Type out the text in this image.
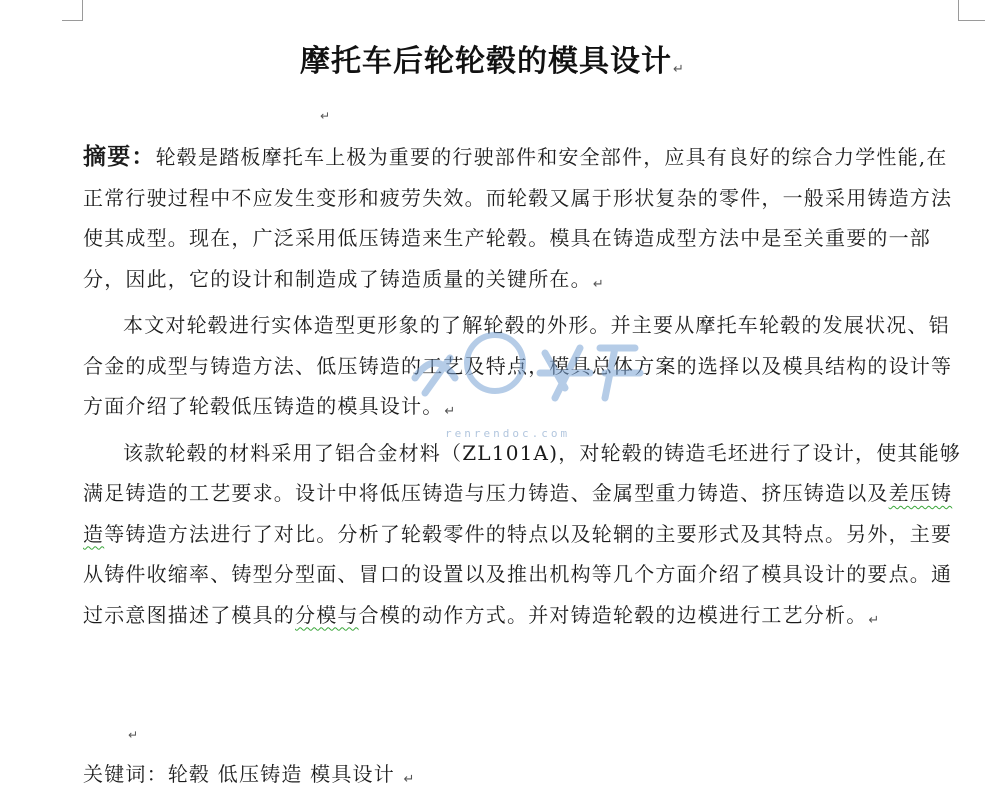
摩托车后轮轮毂的模具设计↵
↵

摘要：轮毂是踏板摩托车上极为重要的行驶部件和安全部件，应具有良好的综合力学性能,在正常行驶过程中不应发生变形和疲劳失效。而轮毂又属于形状复杂的零件，一般采用铸造方法使其成型。现在，广泛采用低压铸造来生产轮毂。模具在铸造成型方法中是至关重要的一部分，因此，它的设计和制造成了铸造质量的关键所在。↵

本文对轮毂进行实体造型更形象的了解轮毂的外形。并主要从摩托车轮毂的发展状况、铝合金的成型与铸造方法、低压铸造的工艺及特点，模具总体方案的选择以及模具结构的设计等方面介绍了轮毂低压铸造的模具设计。↵

该款轮毂的材料采用了铝合金材料（ZL101A)，对轮毂的铸造毛坯进行了设计，使其能够满足铸造的工艺要求。设计中将低压铸造与压力铸造、金属型重力铸造、挤压铸造以及差压铸造等铸造方法进行了对比。分析了轮毂零件的特点以及轮辋的主要形式及其特点。另外，主要从铸件收缩率、铸型分型面、冒口的设置以及推出机构等几个方面介绍了模具设计的要点。通过示意图描述了模具的分模与合模的动作方式。并对铸造轮毂的边模进行工艺分析。↵

↵
关键词：轮毂 低压铸造 模具设计 ↵
renrendoc.com
